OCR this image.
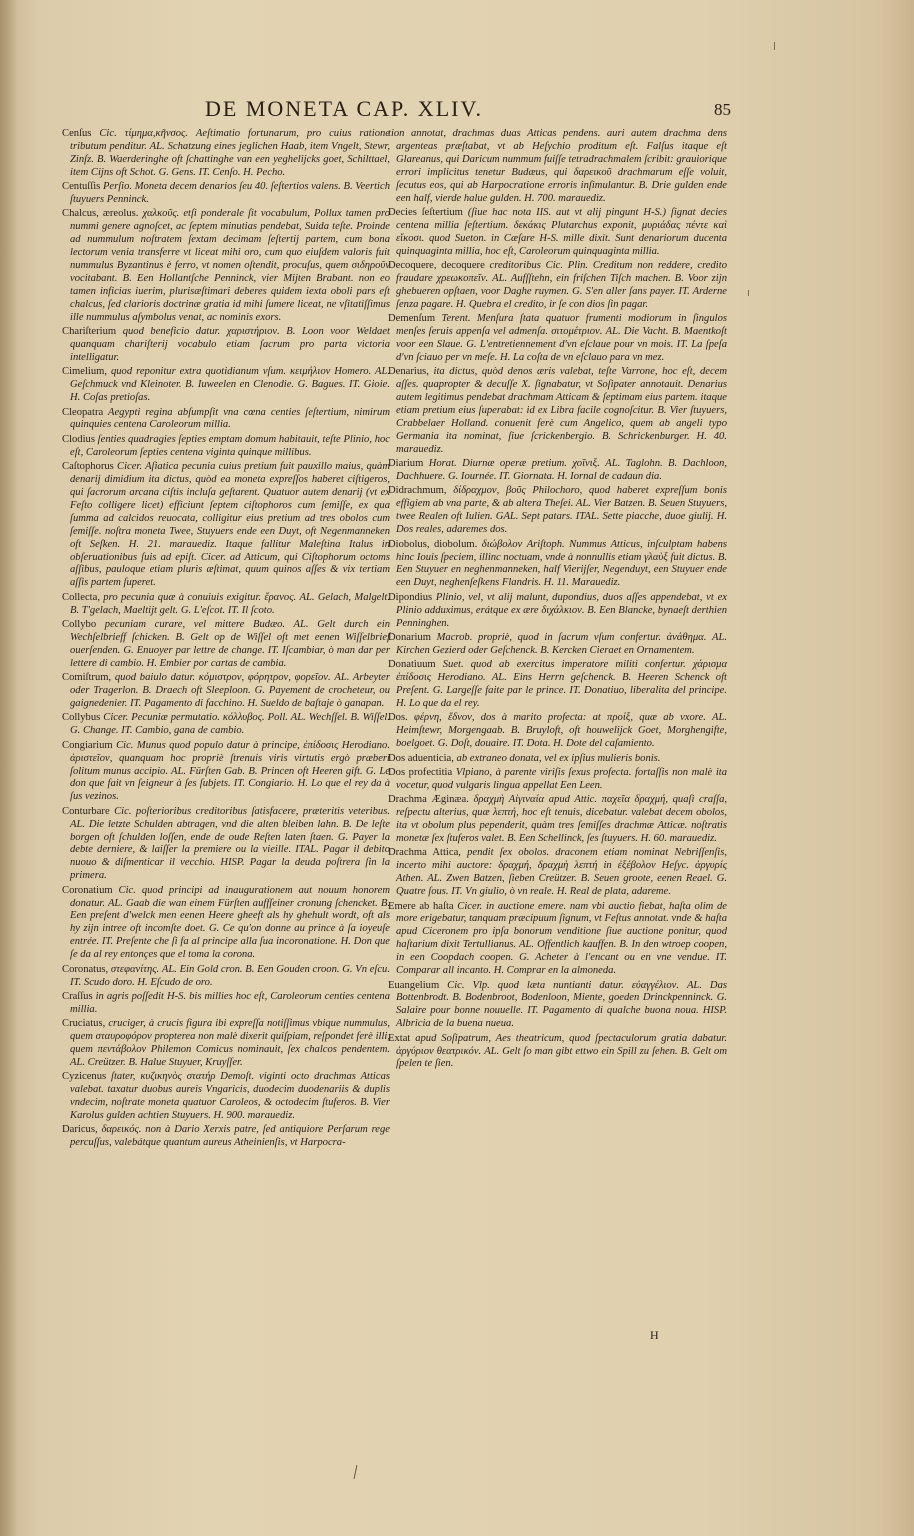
DE MONETA CAP. XLIV.	85

Cenſus Cic. τίμημα,κῆνσος. Aeſtimatio fortunarum, pro cuius ratione tributum penditur. AL. Schatzung eines jeglichen Haab, item Vngelt, Stewr, Zinſz. B. Waerderinghe oft ſchattinghe van een yeghelijcks goet, Schilttael, item Cijns oft Schot. G. Gens. IT. Cenſo. H. Pecho.

Centuſſis Perſio. Moneta decem denarios ſeu 40. ſeſtertios valens. B. Veertich ſtuyuers Penninck.

Chalcus, æreolus. χαλκοῦς. etſi ponderale ſit vocabulum, Pollux tamen pro nummi genere agnoſcet, ac ſeptem minutias pendebat, Suida teſte. Proinde ad nummulum noſtratem ſextam decimam ſeſtertij partem, cum bona lectorum venia transferre vt liceat mihi oro, cum quo eiuſdem valoris fuit nummulus Byzantinus è ferro, vt nomen oſtendit, procuſus, quem σιδηροῦν vocitabant. B. Een Hollantſche Penninck, vier Mijten Brabant. non eo tamen inficias iuerim, plurisæſtimari deberes quidem iexta oboli pars eſt chalcus, ſed clarioris doctrinæ gratia id mihi ſumere liceat, ne vſitatiſſimus ille nummulus aſymbolus venat, ac nominis exors.

Chariſterium quod beneficio datur. χαριστήριον. B. Loon voor Weldaet quanquam chariſterij vocabulo etiam ſacrum pro parta victoria intelligatur.

Cimelium, quod reponitur extra quotidianum vſum. κειμήλιον Homero. AL. Geſchmuck vnd Kleinoter. B. Iuweelen en Clenodie. G. Bagues. IT. Gioie. H. Coſas pretioſas.

Cleopatra Aegypti regina abſumpſit vna cœna centies ſeſtertium, nimirum quinquies centena Caroleorum millia.

Clodius ſenties quadragies ſepties emptam domum habitauit, teſte Plinio, hoc eſt, Caroleorum ſepties centena viginta quinque millibus.

Caſtophorus Cicer. Aſiatica pecunia cuius pretium fuit pauxillo maius, quàm denarij dimidium ita dictus, quòd ea moneta expreſſos haberet ciſtigeros, qui ſacrorum arcana ciſtis incluſa geſtarent. Quatuor autem denarij (vt ex Feſto colligere licet) efficiunt ſeptem ciſtophoros cum ſemiſſe, ex qua ſumma ad calcidos reuocata, colligitur eius pretium ad tres obolos cum ſemiſſe. noſtra moneta Twee, Stuyuers ende een Duyt, oft Negenmanneken oft Seſken. H. 21. marauediz. Itaque fallitur Maleſtina Italus in obſeruationibus ſuis ad epiſt. Cicer. ad Atticum, qui Ciſtophorum octoms aſſibus, pauloque etiam pluris æſtimat, quum quinos aſſes & vix tertiam aſſis partem ſuperet.

Collecta, pro pecunia quæ à conuiuis exigitur. ἔρανος. AL. Gelach, Malgelt. B. T'gelach, Maeltijt gelt. G. L'eſcot. IT. Il ſcoto.

Collybo pecuniam curare, vel mittere Budæo. AL. Gelt durch ein Wechſelbrieff ſchicken. B. Gelt op de Wiſſel oft met eenen Wiſſelbrief ouerſenden. G. Enuoyer par lettre de change. IT. Iſcambiar, ò man dar per lettere di cambio. H. Embier por cartas de cambia.

Comiſtrum, quod baiulo datur. κόμιστρον, φόρητρον, φορεῖον. AL. Arbeyter oder Tragerlon. B. Draech oft Sleeploon. G. Payement de crocheteur, ou gaignedenier. IT. Pagamento di facchino. H. Sueldo de baſtaje ò ganapan.

Collybus Cicer. Pecuniæ permutatio. κόλλυβος. Poll. AL. Wechſſel. B. Wiſſel. G. Change. IT. Cambio, gana de cambio.

Congiarium Cic. Munus quod populo datur à principe, ἐπίδοσις Herodiano. ἀριστεῖον, quanquam hoc propriè ſtrenuis viris virtutis ergò præberi ſolitum munus accipio. AL. Fürſten Gab. B. Princen oft Heeren gift. G. Le don que fait vn ſeigneur à ſes ſubjets. IT. Congiario. H. Lo que el rey da à ſus vezinos.

Conturbare Cic. poſterioribus creditoribus ſatisfacere, præteritis veteribus. AL. Die letzte Schulden abtragen, vnd die alten bleiben lahn. B. De leſte borgen oft ſchulden loſſen, ende de oude Reſten laten ſtaen. G. Payer la debte derniere, & laiſſer la premiere ou la vieille. ITAL. Pagar il debito nuouo & diſmenticar il vecchio. HISP. Pagar la deuda poſtrera ſin la primera.

Coronatium Cic. quod principi ad inaugurationem aut nouum honorem donatur. AL. Gaab die wan einem Fürſten auffſeiner cronung ſchencket. B. Een preſent d'welck men eenen Heere gheeft als hy ghehult wordt, oft als hy zijn intree oft incomſte doet. G. Ce qu'on donne au prince à ſa ioyeuſe entrée. IT. Preſente che ſi fa al principe alla ſua incoronatione. H. Don que ſe da al rey entonçes que el toma la corona.

Coronatus, στεφανίτης. AL. Ein Gold cron. B. Een Gouden croon. G. Vn eſcu. IT. Scudo doro. H. Eſcudo de oro.

Craſſus in agris poſſedit H-S. bis millies hoc eſt, Caroleorum centies centena millia.

Cruciatus, cruciger, à crucis figura ibi expreſſa notiſſimus vbique nummulus, quem σταυροφόρον propterea non malè dixerit quiſpiam, reſpondet ferè illi, quem πεντάβολον Philemon Comicus nominauit, ſex chalcos pendentem. AL. Creützer. B. Halue Stuyuer, Kruyſſer.

Cyzicenus ſtater, κυζικηνὸς στατήρ Demoſt. viginti octo drachmas Atticas valebat. taxatur duobus aureis Vngaricis, duodecim duodenariis & duplis vndecim, noſtrate moneta quatuor Caroleos, & octodecim ſtuferos. B. Vier Karolus gulden achtien Stuyuers. H. 900. marauediz.

Daricus, δαρεικός. non à Dario Xerxis patre, ſed antiquiore Perſarum rege percuſſus, valebátque quantum aureus Atheinienſis, vt Harpocra-

tion annotat, drachmas duas Atticas pendens. auri autem drachma dens argenteas præſtabat, vt ab Heſychio proditum eſt. Falſus itaque eſt Glareanus, qui Daricum nummum fuiſſe tetradrachmalem ſcribit: grauiorique errori implicitus tenetur Budæus, qui δαρεικοῦ drachmarum eſſe voluit, ſecutus eos, qui ab Harpocratione erroris inſimulantur. B. Drie gulden ende een half, vierde halue gulden. H. 700. marauediz.

Decies ſeſtertium (ſiue hac nota IIS. aut vt alij pingunt H-S.) ſignat decies centena millia ſeſtertium. δεκάκις Plutarchus exponit, μυριάδας πέντε καὶ εἴκοσι. quod Sueton. in Cæſare H-S. mille dixit. Sunt denariorum ducenta quinquaginta millia, hoc eſt, Caroleorum quinquaginta millia.

Decoquere, decoquere creditoribus Cic. Plin. Creditum non reddere, credito fraudare χρεωκοπεῖν. AL. Aufſſtehn, ein friſchen Tiſch machen. B. Voor zijn ghebueren opſtaen, voor Daghe ruymen. G. S'en aller ſans payer. IT. Arderne ſenza pagare. H. Quebra el credito, ir ſe con dios ſin pagar.

Demenſum Terent. Menſura ſtata quatuor frumenti modiorum in ſingulos menſes ſeruis appenſa vel admenſa. σιτομέτριον. AL. Die Vacht. B. Maentkoſt voor een Slaue. G. L'entretiennement d'vn eſclaue pour vn mois. IT. La ſpeſa d'vn ſciauo per vn meſe. H. La coſta de vn eſclauo para vn mez.

Denarius, ita dictus, quòd denos æris valebat, teſte Varrone, hoc eſt, decem aſſes. quapropter & decuſſe X. ſignabatur, vt Soſipater annotauit. Denarius autem legitimus pendebat drachmam Atticam & ſeptimam eius partem. itaque etiam pretium eius ſuperabat: id ex Libra facile cognoſcitur. B. Vier ſtuyuers, Crabbelaer Holland. conuenit ferè cum Angelico, quem ab angeli typo Germania ita nominat, ſiue ſcrickenbergio. B. Schrickenburger. H. 40. marauediz.

Diarium Horat. Diurnæ operæ pretium. χοῖνιξ. AL. Taglohn. B. Dachloon, Dachhuere. G. Iournée. IT. Giornata. H. Iornal de cadaun dia.

Didrachmum, δίδραχμον, βοῦς Philochoro, quod haberet expreſſum bonis effigiem ab vna parte, & ab altera Theſei. AL. Vier Batzen. B. Seuen Stuyuers, twee Realen oft Iulien. GAL. Sept patars. ITAL. Sette piacche, duoe giulij. H. Dos reales, adaremes dos.

Diobolus, diobolum. διώβολον Ariſtoph. Nummus Atticus, inſculptam habens hinc Iouis ſpeciem, illinc noctuam, vnde à nonnullis etiam γλαὺξ fuit dictus. B. Een Stuyuer en neghenmanneken, half Vierijſer, Negenduyt, een Stuyuer ende een Duyt, neghenſeſkens Flandris. H. 11. Marauediz.

Dipondius Plinio, vel, vt alij malunt, dupondius, duos aſſes appendebat, vt ex Plinio adduximus, erátque ex ære διχάλκιον. B. Een Blancke, bynaeſt derthien Penninghen.

Donarium Macrob. propriè, quod in ſacrum vſum confertur. ἀνάθημα. AL. Kirchen Gezierd oder Geſchenck. B. Kercken Cieraet en Ornamentem.

Donatiuum Suet. quod ab exercitus imperatore militi confertur. χάρισμα ἐπίδοσις Herodiano. AL. Eins Herrn geſchenck. B. Heeren Schenck oft Preſent. G. Largeſſe faite par le prince. IT. Donatiuo, liberalita del principe. H. Lo que da el rey.

Dos. φέρνη, ἕδνον, dos à marito profecta: at προίξ, quæ ab vxore. AL. Heimſtewr, Morgengaab. B. Bruyloft, oft houwelijck Goet, Morghengifte, boelgoet. G. Doſt, douaire. IT. Dota. H. Dote del caſamiento.

Dos aduenticia, ab extraneo donata, vel ex ipſius mulieris bonis.

Dos profectitia Vlpiano, à parente viriſis ſexus profecta. fortaſſis non malè ita vocetur, quod vulgaris lingua appellat Een Leen.

Drachma Æginæa. δραχμὴ Αἰγιναία apud Attic. παχεῖα δραχμή, quaſi craſſa, reſpectu alterius, quæ λεπτή, hoc eſt tenuis, dicebatur. valebat decem obolos, ita vt obolum plus pependerit, quàm tres ſemiſſes drachmæ Atticæ. noſtratis monetæ ſex ſtuferos valet. B. Een Schellinck, ſes ſtuyuers. H. 60. marauediz.

Drachma Attica, pendit ſex obolos. draconem etiam nominat Nebriſſenſis, incerto mihi auctore: δραχμή, δραχμὴ λεπτή in ἐξέβολον Heſyc. ἀργυρίς Athen. AL. Zwen Batzen, ſieben Creützer. B. Seuen groote, eenen Reael. G. Quatre ſous. IT. Vn giulio, ò vn reale. H. Real de plata, adareme.

Emere ab haſta Cicer. in auctione emere. nam vbi auctio fiebat, haſta olim de more erigebatur, tanquam præcipuum ſignum, vt Feſtus annotat. vnde & haſta apud Ciceronem pro ipſa bonorum venditione ſiue auctione ponitur, quod haſtarium dixit Tertullianus. AL. Offentlich kauffen. B. In den wtroep coopen, in een Coopdach coopen. G. Acheter à l'encant ou en vne vendue. IT. Comparar all incanto. H. Comprar en la almoneda.

Euangelium Cic. Vlp. quod læta nuntianti datur. εὐαγγέλιον. AL. Das Bottenbrodt. B. Bodenbroot, Bodenloon, Miente, goeden Drinckpenninck. G. Salaire pour bonne nouuelle. IT. Pagamento di qualche buona noua. HISP. Albricia de la buena nueua.

Extat apud Soſipatrum, Aes theatricum, quod ſpectaculorum gratia dabatur. ἀργύριον θεατρικόν. AL. Gelt ſo man gibt ettwo ein Spill zu ſehen. B. Gelt om ſpelen te ſien.

H
